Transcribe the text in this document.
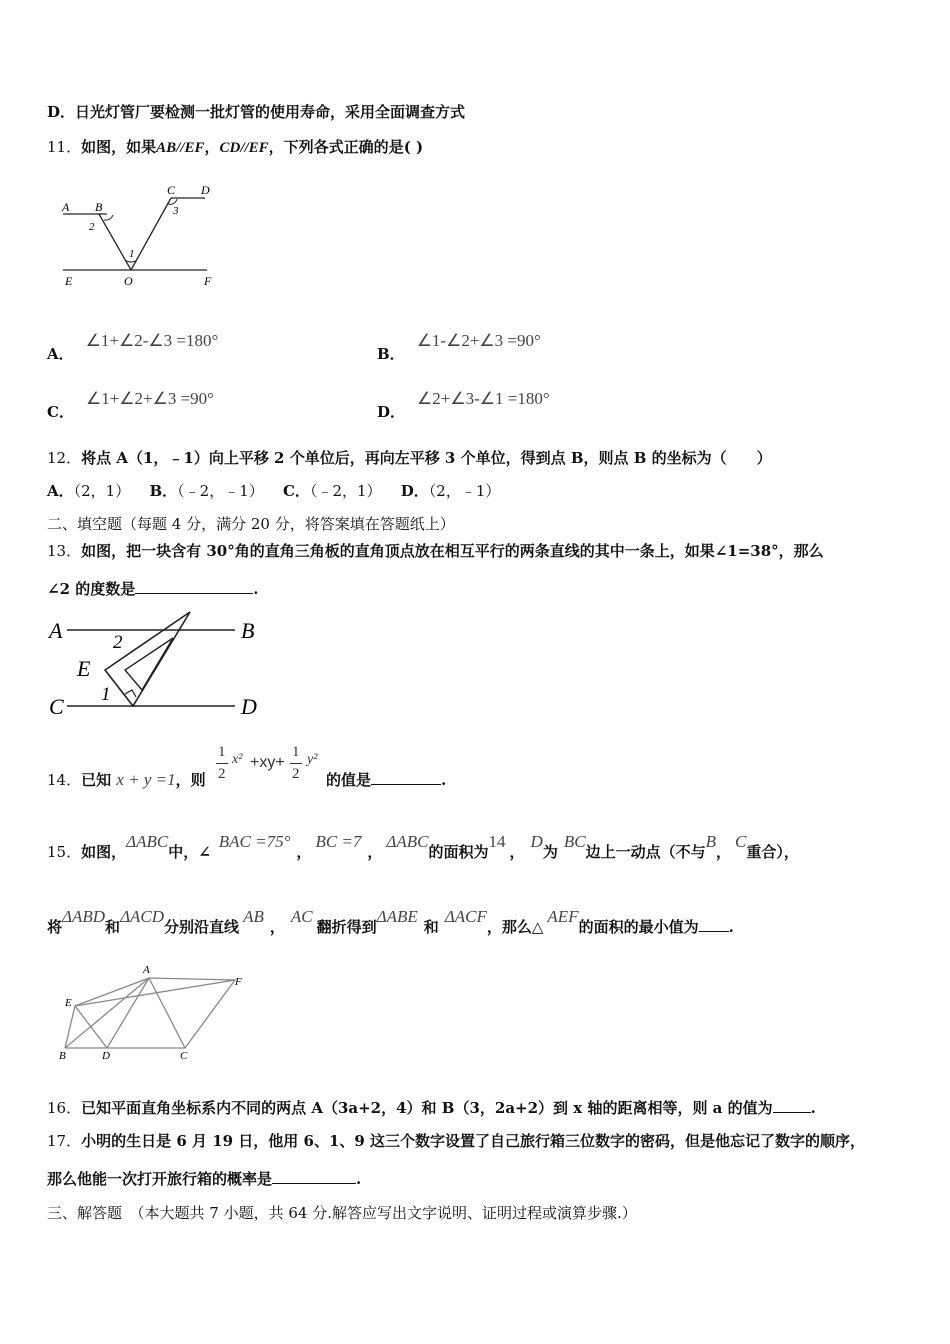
D．日光灯管厂要检测一批灯管的使用寿命，采用全面调查方式
11．如图，如果AB//EF，CD//EF，下列各式正确的是( )
A B
C D
E	O	F
1
2
3
A．∠1+∠2-∠3 =180°
B．∠1-∠2+∠3 =90°
C．∠1+∠2+∠3 =90°
D．∠2+∠3-∠1 =180°
12．将点 A（1，﹣1）向上平移 2 个单位后，再向左平移 3 个单位，得到点 B，则点 B 的坐标为（　　）
A．（2，1） B．（﹣2，﹣1） C．（﹣2，1） D．（2，﹣1）
二、填空题（每题 4 分，满分 20 分，将答案填在答题纸上）
13．如图，把一块含有 30°角的直角三角板的直角顶点放在相互平行的两条直线的其中一条上，如果∠1=38°，那么
∠2 的度数是	.
A	B
C	D
E
1
2
14．已知 x + y =1，则
1
2
x² +xy+
1
2
y²
的值是	.
15．如图，ΔABC中，∠BAC =75°，BC =7，ΔABC的面积为14，D为BC边上一动点（不与B，C重合），
将ΔABD和ΔACD分别沿直线AB，AC翻折得到ΔABE和ΔACF，那么△AEF的面积的最小值为 .
A
E
F
B	D	C
16．已知平面直角坐标系内不同的两点 A（3a+2，4）和 B（3，2a+2）到 x 轴的距离相等，则 a 的值为	.
17．小明的生日是 6 月 19 日，他用 6、1、9 这三个数字设置了自己旅行箱三位数字的密码，但是他忘记了数字的顺序，
那么他能一次打开旅行箱的概率是	.
三、解答题　（本大题共 7 小题，共 64 分.解答应写出文字说明、证明过程或演算步骤.）
